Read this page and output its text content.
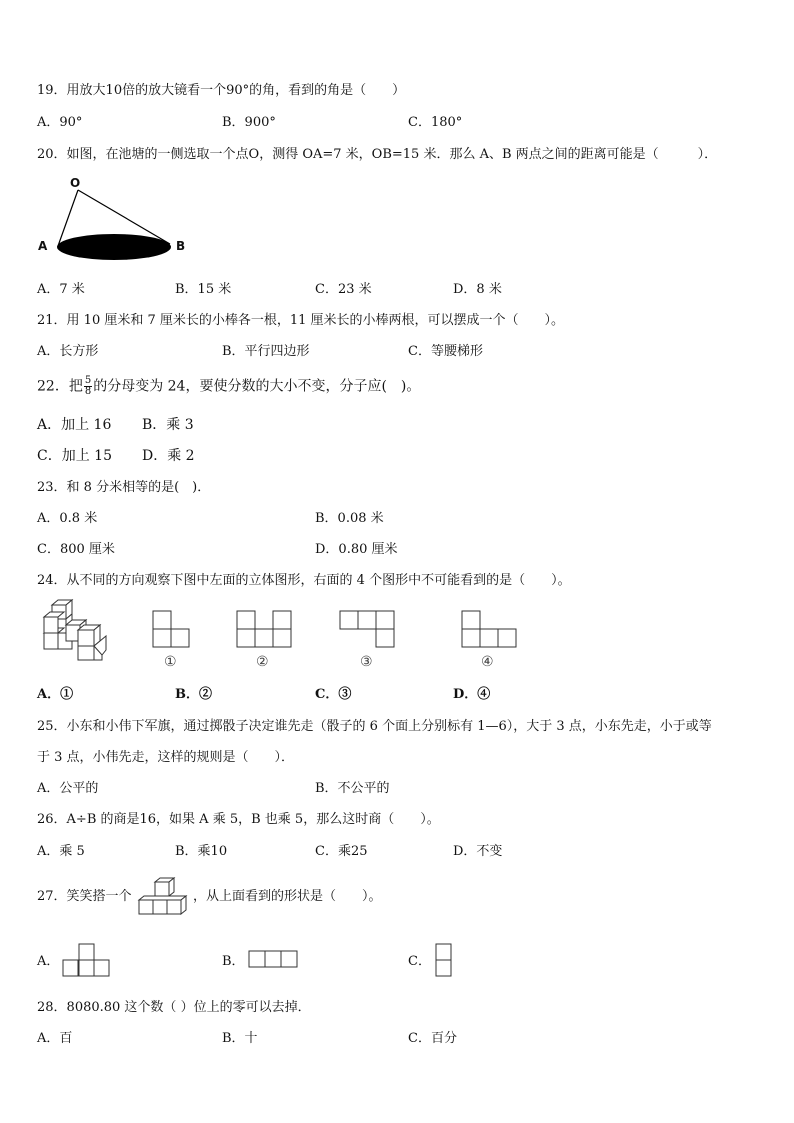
19．用放大10倍的放大镜看一个90°的角，看到的角是（　　）
A．90°	B．900°	C．180°
20．如图，在池塘的一侧选取一个点O，测得 OA=7 米，OB=15 米．那么 A、B 两点之间的距离可能是（　　　）．
O
A	B
A．7 米	B．15 米	C．23 米	D．8 米
21．用 10 厘米和 7 厘米长的小棒各一根，11 厘米长的小棒两根，可以摆成一个（　　）。
A．长方形	B．平行四边形	C．等腰梯形
22．把 $\frac{5}{8}$ 的分母变为 24，要使分数的大小不变，分子应(　)。
A．加上 16 B．乘 3
C．加上 15 D．乘 2
23．和 8 分米相等的是(　)．
A．0.8 米	B．0.08 米
C．800 厘米	D．0.80 厘米
24．从不同的方向观察下图中左面的立体图形，右面的 4 个图形中不可能看到的是（　　）。
①	②	③	④
A．①	B．②	C．③	D．④
25．小东和小伟下军旗，通过掷骰子决定谁先走（骰子的 6 个面上分别标有 1—6），大于 3 点，小东先走，小于或等
于 3 点，小伟先走，这样的规则是（　　）．
A．公平的	B．不公平的
26．A÷B 的商是16，如果 A 乘 5，B 也乘 5，那么这时商（　　）。
A．乘 5	B．乘10	C．乘25	D．不变
27．笑笑搭一个	，从上面看到的形状是（　　）。
A．	B．	C．
28．8080.80 这个数（ ）位上的零可以去掉．
A．百	B．十	C．百分
